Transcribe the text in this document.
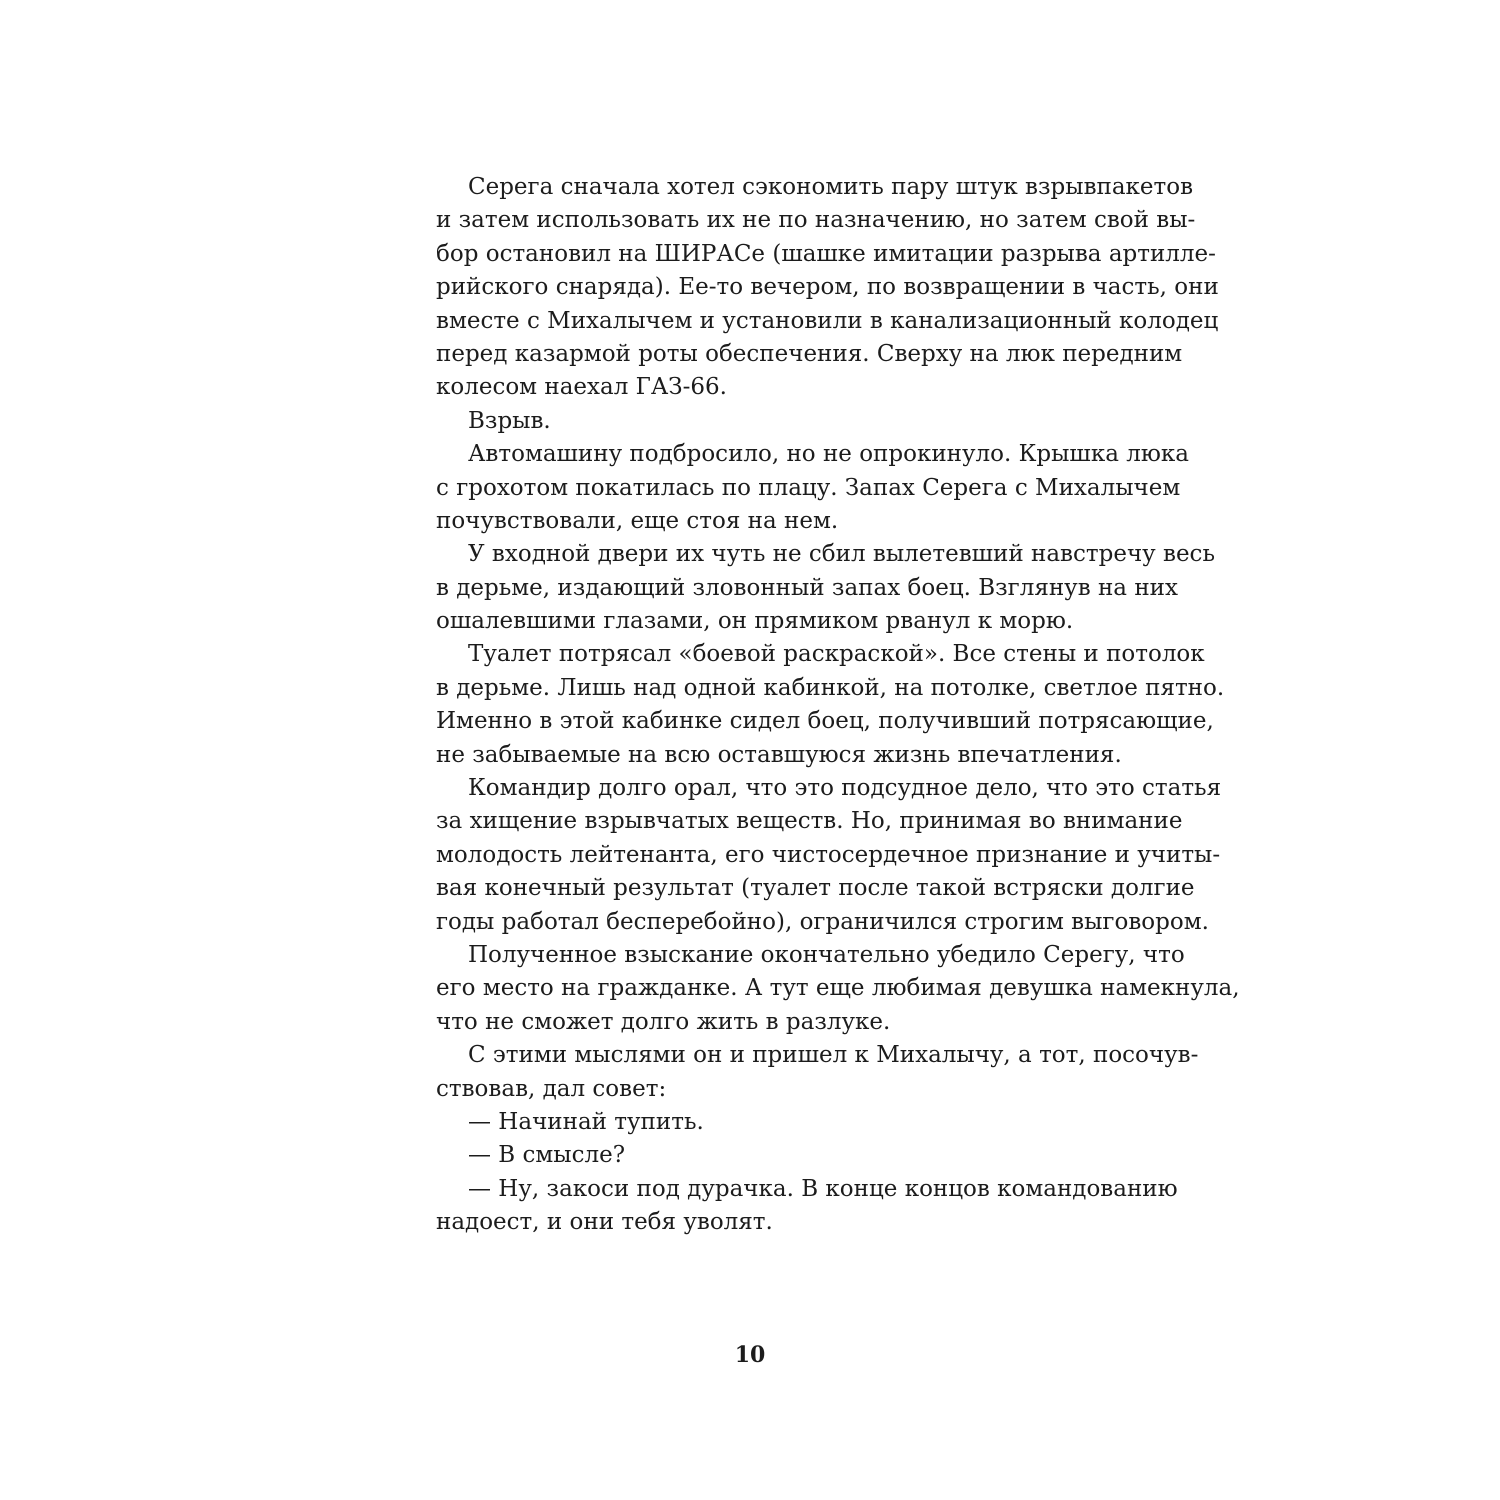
Серега сначала хотел сэкономить пару штук взрывпакетов
и затем использовать их не по назначению, но затем свой вы-
бор остановил на ШИРАСе (шашке имитации разрыва артилле-
рийского снаряда). Ее-то вечером, по возвращении в часть, они
вместе с Михалычем и установили в канализационный колодец
перед казармой роты обеспечения. Сверху на люк передним
колесом наехал ГАЗ-66.
Взрыв.
Автомашину подбросило, но не опрокинуло. Крышка люка
с грохотом покатилась по плацу. Запах Серега с Михалычем
почувствовали, еще стоя на нем.
У входной двери их чуть не сбил вылетевший навстречу весь
в дерьме, издающий зловонный запах боец. Взглянув на них
ошалевшими глазами, он прямиком рванул к морю.
Туалет потрясал «боевой раскраской». Все стены и потолок
в дерьме. Лишь над одной кабинкой, на потолке, светлое пятно.
Именно в этой кабинке сидел боец, получивший потрясающие,
не забываемые на всю оставшуюся жизнь впечатления.
Командир долго орал, что это подсудное дело, что это статья
за хищение взрывчатых веществ. Но, принимая во внимание
молодость лейтенанта, его чистосердечное признание и учиты-
вая конечный результат (туалет после такой встряски долгие
годы работал бесперебойно), ограничился строгим выговором.
Полученное взыскание окончательно убедило Серегу, что
его место на гражданке. А тут еще любимая девушка намекнула,
что не сможет долго жить в разлуке.
С этими мыслями он и пришел к Михалычу, а тот, посочув-
ствовав, дал совет:
— Начинай тупить.
— В смысле?
— Ну, закоси под дурачка. В конце концов командованию
надоест, и они тебя уволят.
10
